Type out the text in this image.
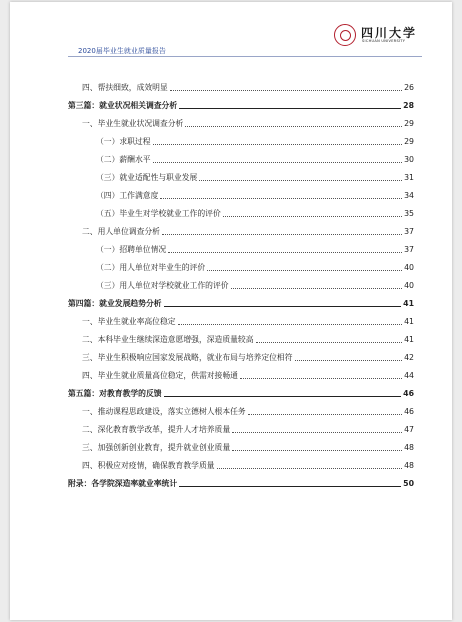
2020届毕业生就业质量报告
四川大学
SICHUAN UNIVERSITY
四、帮扶细致，成效明显	26
第三篇：就业状况相关调查分析	28
一、毕业生就业状况调查分析	29
（一）求职过程	29
（二）薪酬水平	30
（三）就业适配性与职业发展	31
（四）工作满意度	34
（五）毕业生对学校就业工作的评价	35
二、用人单位调查分析	37
（一）招聘单位情况	37
（二）用人单位对毕业生的评价	40
（三）用人单位对学校就业工作的评价	40
第四篇：就业发展趋势分析	41
一、毕业生就业率高位稳定	41
二、本科毕业生继续深造意愿增强，深造质量较高	41
三、毕业生积极响应国家发展战略，就业布局与培养定位相符	42
四、毕业生就业质量高位稳定，供需对接畅通	44
第五篇：对教育教学的反馈	46
一、推动课程思政建设，落实立德树人根本任务	46
二、深化教育教学改革，提升人才培养质量	47
三、加强创新创业教育，提升就业创业质量	48
四、积极应对疫情，确保教育教学质量	48
附录：各学院深造率就业率统计	50
